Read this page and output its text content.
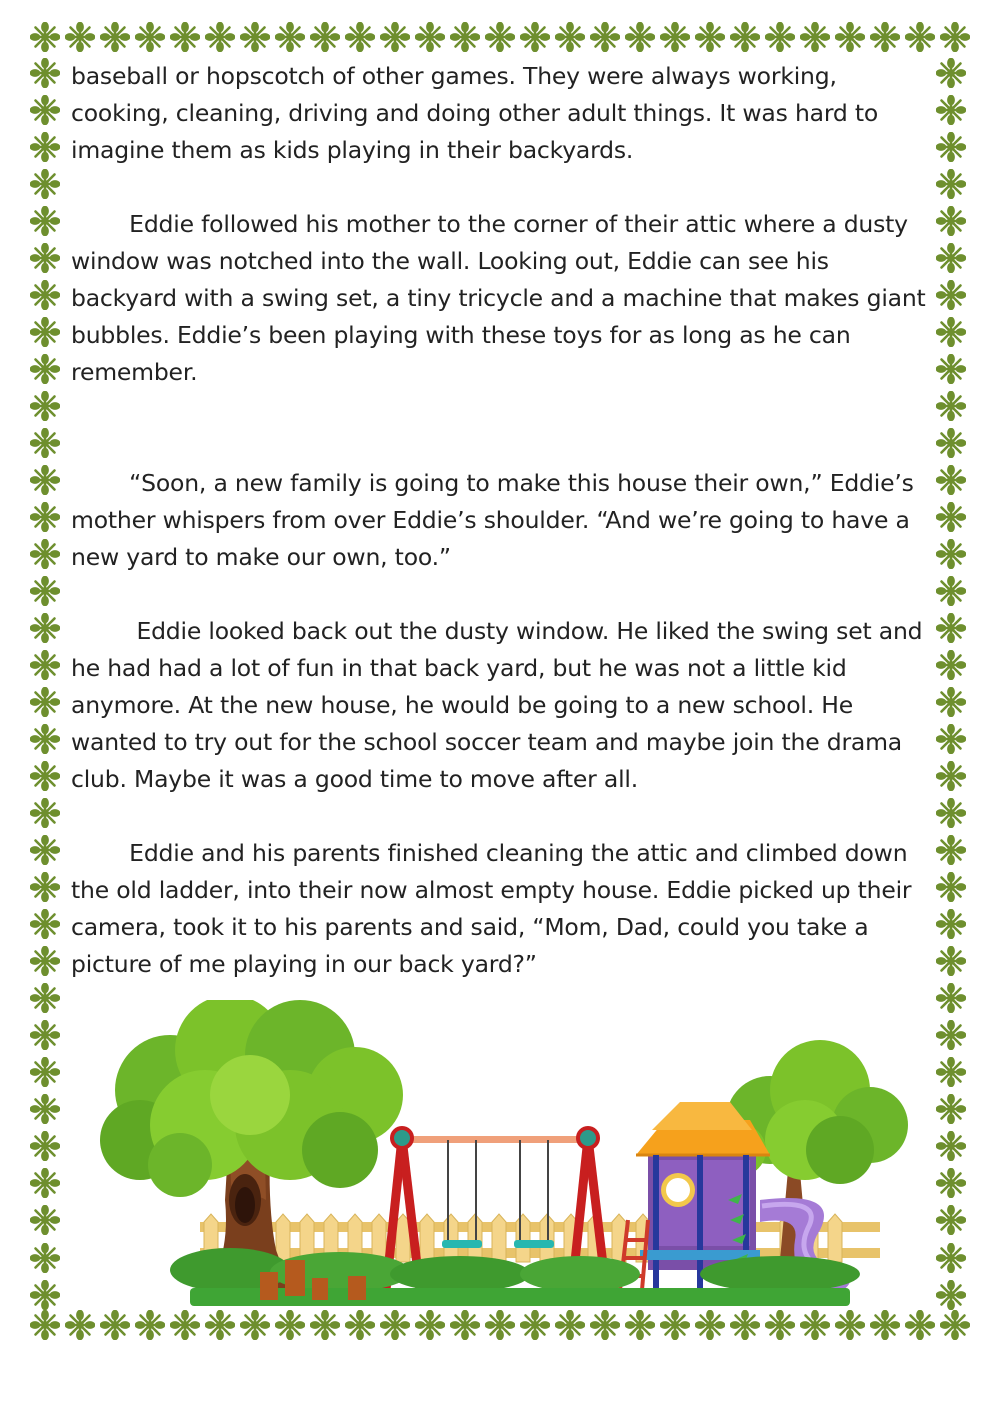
baseball or hopscotch of other games. They were always working, cooking, cleaning, driving and doing other adult things. It was hard to imagine them as kids playing in their backyards.

Eddie followed his mother to the corner of their attic where a dusty window was notched into the wall. Looking out, Eddie can see his backyard with a swing set, a tiny tricycle and a machine that makes giant bubbles. Eddie’s been playing with these toys for as long as he can remember.

“Soon, a new family is going to make this house their own,” Eddie’s mother whispers from over Eddie’s shoulder. “And we’re going to have a new yard to make our own, too.”

Eddie looked back out the dusty window. He liked the swing set and he had had a lot of fun in that back yard, but he was not a little kid anymore. At the new house, he would be going to a new school. He wanted to try out for the school soccer team and maybe join the drama club. Maybe it was a good time to move after all.

Eddie and his parents finished cleaning the attic and climbed down the old ladder, into their now almost empty house. Eddie picked up their camera, took it to his parents and said, “Mom, Dad, could you take a picture of me playing in our back yard?”
